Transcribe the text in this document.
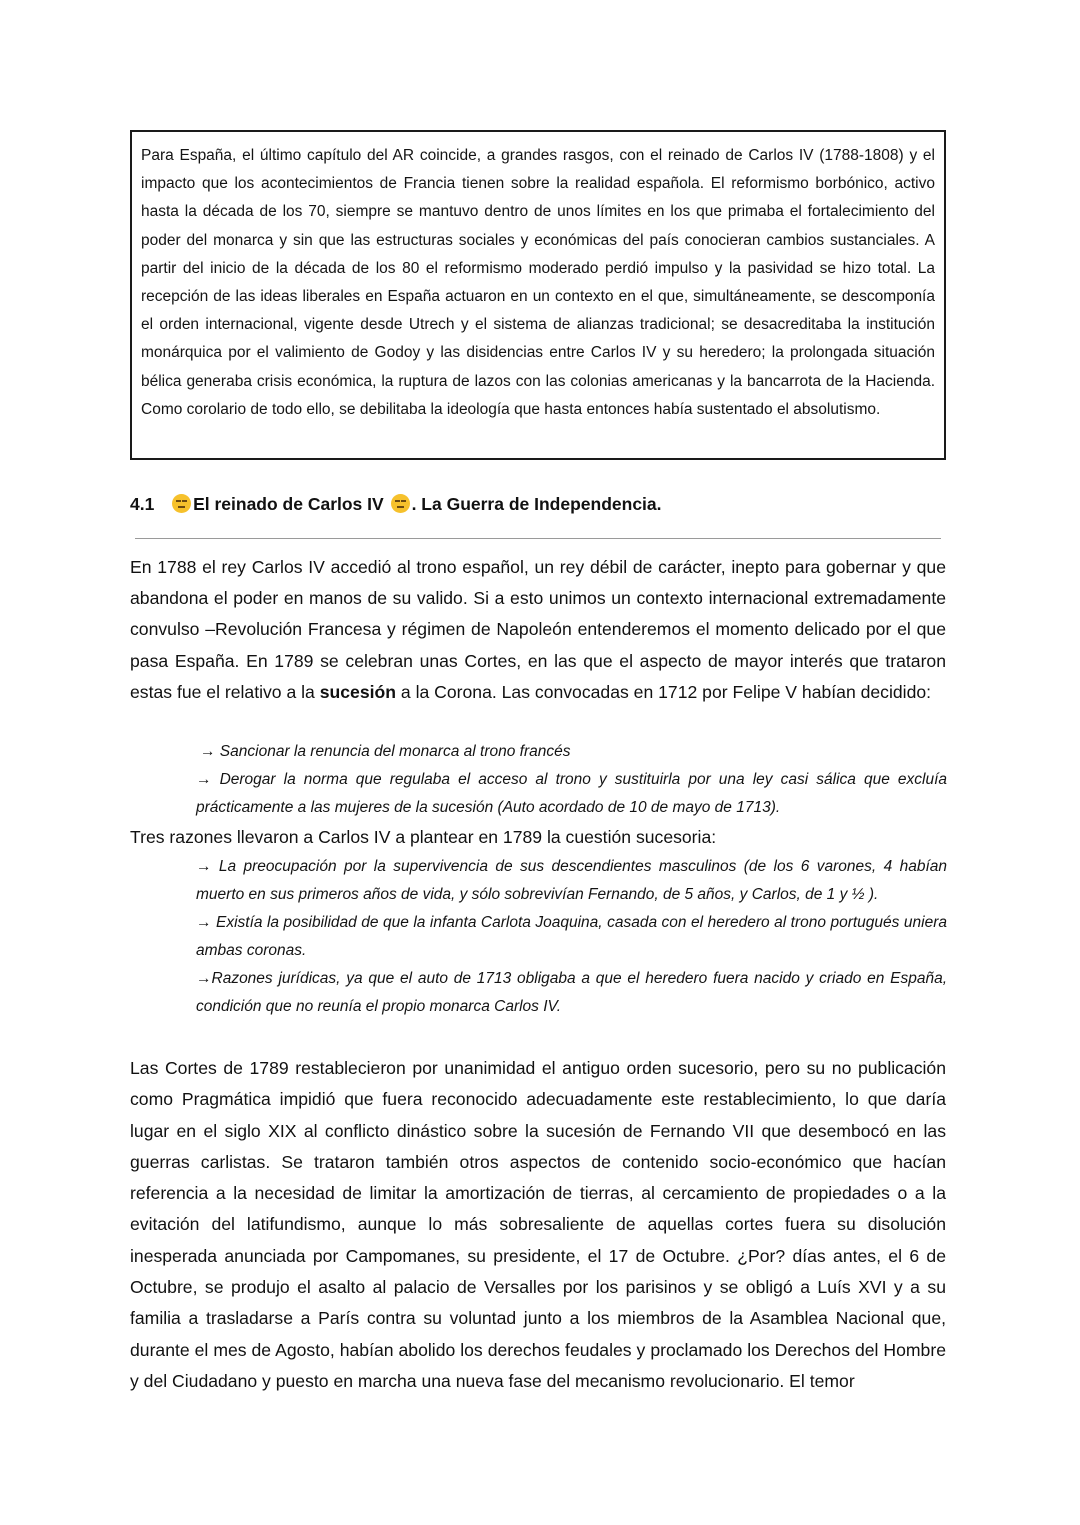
Para España, el último capítulo del AR coincide, a grandes rasgos, con el reinado de Carlos IV (1788-1808) y el impacto que los acontecimientos de Francia tienen sobre la realidad española. El reformismo borbónico, activo hasta la década de los 70, siempre se mantuvo dentro de unos límites en los que primaba el fortalecimiento del poder del monarca y sin que las estructuras sociales y económicas del país conocieran cambios sustanciales. A partir del inicio de la década de los 80 el reformismo moderado perdió impulso y la pasividad se hizo total. La recepción de las ideas liberales en España actuaron en un contexto en el que, simultáneamente, se descomponía el orden internacional, vigente desde Utrech y el sistema de alianzas tradicional; se desacreditaba la institución monárquica por el valimiento de Godoy y las disidencias entre Carlos IV y su heredero; la prolongada situación bélica generaba crisis económica, la ruptura de lazos con las colonias americanas y la bancarrota de la Hacienda. Como corolario de todo ello, se debilitaba la ideología que hasta entonces había sustentado el absolutismo.
4.1 El reinado de Carlos IV . La Guerra de Independencia.
En 1788 el rey Carlos IV accedió al trono español, un rey débil de carácter, inepto para gobernar y que abandona el poder en manos de su valido. Si a esto unimos un contexto internacional extremadamente convulso –Revolución Francesa y régimen de Napoleón entenderemos el momento delicado por el que pasa España. En 1789 se celebran unas Cortes, en las que el aspecto de mayor interés que trataron estas fue el relativo a la sucesión a la Corona. Las convocadas en 1712 por Felipe V habían decidido:
→ Sancionar la renuncia del monarca al trono francés
→ Derogar la norma que regulaba el acceso al trono y sustituirla por una ley casi sálica que excluía prácticamente a las mujeres de la sucesión (Auto acordado de 10 de mayo de 1713).
Tres razones llevaron a Carlos IV a plantear en 1789 la cuestión sucesoria:
→ La preocupación por la supervivencia de sus descendientes masculinos (de los 6 varones, 4 habían muerto en sus primeros años de vida, y sólo sobrevivían Fernando, de 5 años, y Carlos, de 1 y ½ ).
→ Existía la posibilidad de que la infanta Carlota Joaquina, casada con el heredero al trono portugués uniera ambas coronas.
→Razones jurídicas, ya que el auto de 1713 obligaba a que el heredero fuera nacido y criado en España, condición que no reunía el propio monarca Carlos IV.
Las Cortes de 1789 restablecieron por unanimidad el antiguo orden sucesorio, pero su no publicación como Pragmática impidió que fuera reconocido adecuadamente este restablecimiento, lo que daría lugar en el siglo XIX al conflicto dinástico sobre la sucesión de Fernando VII que desembocó en las guerras carlistas. Se trataron también otros aspectos de contenido socio-económico que hacían referencia a la necesidad de limitar la amortización de tierras, al cercamiento de propiedades o a la evitación del latifundismo, aunque lo más sobresaliente de aquellas cortes fuera su disolución inesperada anunciada por Campomanes, su presidente, el 17 de Octubre. ¿Por? días antes, el 6 de Octubre, se produjo el asalto al palacio de Versalles por los parisinos y se obligó a Luís XVI y a su familia a trasladarse a París contra su voluntad junto a los miembros de la Asamblea Nacional que, durante el mes de Agosto, habían abolido los derechos feudales y proclamado los Derechos del Hombre y del Ciudadano y puesto en marcha una nueva fase del mecanismo revolucionario. El temor
